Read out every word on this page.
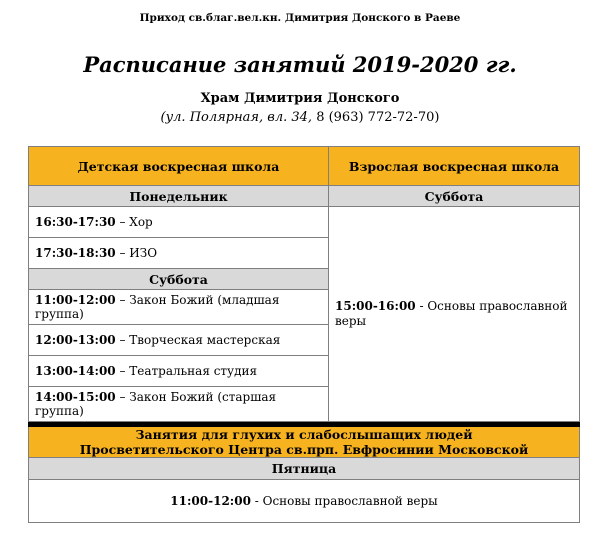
Приход св.благ.вел.кн. Димитрия Донского в Раеве
Расписание занятий 2019-2020 гг.
Храм Димитрия Донского
(ул. Полярная, вл. 34, 8 (963) 772-72-70)
Детская воскресная школа	Взрослая воскресная школа
Понедельник	Суббота
16:30-17:30 – Хор	15:00-16:00 - Основы православной веры
17:30-18:30 – ИЗО	
Суббота	
11:00-12:00 – Закон Божий (младшая группа)	
12:00-13:00 – Творческая мастерская	
13:00-14:00 – Театральная студия	
14:00-15:00 – Закон Божий (старшая группа)	

Занятия для глухих и слабослышащих людей
Просветительского Центра св.прп. Евфросинии Московской	
Пятница	
11:00-12:00 - Основы православной веры	
